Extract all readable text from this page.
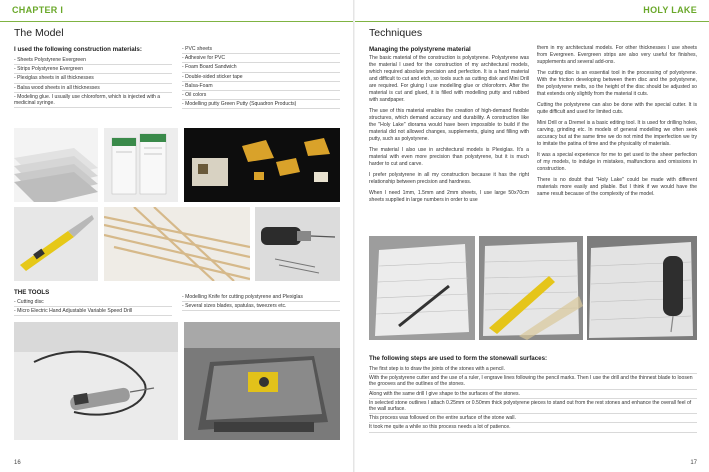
CHAPTER I
The Model
I used the following construction materials:
- Sheets Polystyrene Evergreen
- Strips Polystyrene Evergreen
- Plexiglas sheets in all thicknesses
- Balsa wood sheets in all thicknesses
- Modeling glue. I usually use chloroform, which is injected with a medicinal syringe.
- PVC sheets
- Adhesive for PVC
- Foam Board Sandwich
- Double-sided sticker tape
- Balsa-Foam
- Oil colors
- Modelling putty Green Putty (Squadron Products)
THE TOOLS
- Cutting disc
- Micro Electric Hand Adjustable Variable Speed Drill
- Modelling Knife for cutting polystyrene and Plexiglas
- Several sizes blades, spatulas, tweezers etc.
16
HOLY LAKE
Techniques
Managing the polystyrene material

The basic material of the construction is polystyrene. Polystyrene was the material I used for the construction of my architectural models, which required absolute precision and perfection. It is a hard material and difficult to cut and etch, so tools such as cutting disk and Mini Drill are required. For gluing I use modelling glue or chloroform. After the material is cut and glued, it is filled with modelling putty and rubbed with sandpaper.

The use of this material enables the creation of high-demand flexible structures, which demand accuracy and durability. A construction like the "Holy Lake" diorama would have been impossible to build if the material did not allowed changes, supplements, gluing and filling with putty, such as polystyrene.

The material I also use in architectural models is Plexiglas. It's a material with even more precision than polystyrene, but it is much harder to cut and carve.

I prefer polystyrene in all my construction because it has the right relationship between precision and hardness.

When I need 1mm, 1.5mm and 2mm sheets, I use large 50x70cm sheets supplied in large numbers in order to use

them in my architectural models. For other thicknesses I use sheets from Evergreen. Evergreen strips are also very useful for finishes, supplements and several add-ons.

The cutting disc is an essential tool in the processing of polystyrene. With the friction developing between them disc and the polystyrene, the polystyrene melts, so the height of the disc should be adjusted so that extends only slightly from the material it cuts.

Cutting the polystyrene can also be done with the special cutter. It is quite difficult and used for limited cuts.

Mini Drill or a Dremel is a basic editing tool. It is used for drilling holes, carving, grinding etc. In models of general modelling we often seek accuracy but at the same time we do not mind the imperfection we try to imitate the patina of time and the physicality of materials.

It was a special experience for me to get used to the sheer perfection of my models, to indulge in mistakes, malfunctions and omissions in construction.

There is no doubt that "Holy Lake" could be made with different materials more easily and pliable. But I think if we would have the same result because of the complexity of the model.

The following steps are used to form the stonewall surfaces:
The first step is to draw the joints of the stones with a pencil.
With the polystyrene cutter and the use of a ruler, I engrave lines following the pencil marks. Then I use the drill and the thinnest blade to loosen the grooves and the outlines of the stones.
Along with the same drill I give shape to the surfaces of the stones.
In selected stone outlines I attach 0.25mm or 0.50mm thick polystyrene pieces to stand out from the rest stones and enhance the overall feel of the wall surface.
This process was followed on the entire surface of the stone wall.
It took me quite a while so this process needs a lot of patience.
17
